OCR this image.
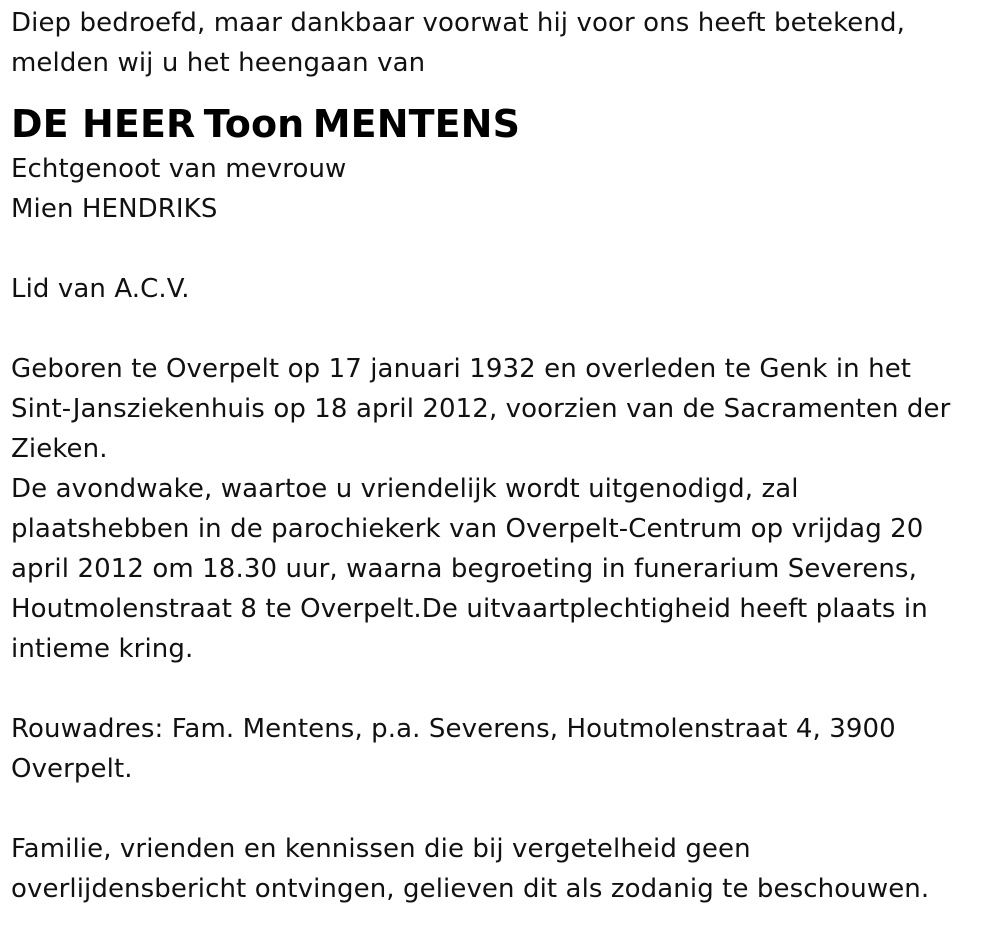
Diep bedroefd, maar dankbaar voorwat hij voor ons heeft betekend,
melden wij u het heengaan van

DE HEER Toon MENTENS

Echtgenoot van mevrouw
Mien HENDRIKS

Lid van A.C.V.

Geboren te Overpelt op 17 januari 1932 en overleden te Genk in het
Sint-Jansziekenhuis op 18 april 2012, voorzien van de Sacramenten der
Zieken.
De avondwake, waartoe u vriendelijk wordt uitgenodigd, zal
plaatshebben in de parochiekerk van Overpelt-Centrum op vrijdag 20
april 2012 om 18.30 uur, waarna begroeting in funerarium Severens,
Houtmolenstraat 8 te Overpelt.De uitvaartplechtigheid heeft plaats in
intieme kring.

Rouwadres: Fam. Mentens, p.a. Severens, Houtmolenstraat 4, 3900
Overpelt.

Familie, vrienden en kennissen die bij vergetelheid geen
overlijdensbericht ontvingen, gelieven dit als zodanig te beschouwen.
